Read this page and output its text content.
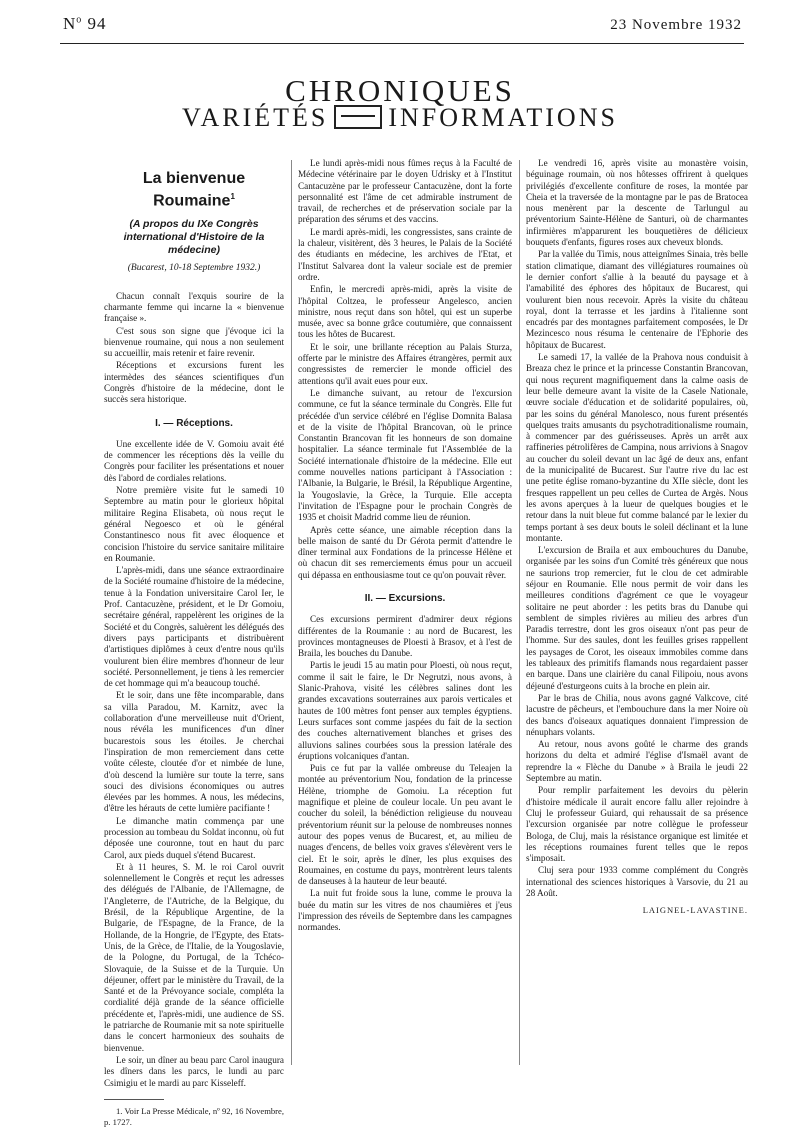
$N^o$ 94	23 Novembre 1932
CHRONIQUES
VARIÉTÉS INFORMATIONS
La bienvenue Roumaine$^1$
(A propos du IXe Congrès international d'Histoire de la médecine)
(Bucarest, 10-18 Septembre 1932.)

Chacun connaît l'exquis sourire de la charmante femme qui incarne la « bienvenue française ».

C'est sous son signe que j'évoque ici la bienvenue roumaine, qui nous a non seulement su accueillir, mais retenir et faire revenir.

Réceptions et excursions furent les intermèdes des séances scientifiques d'un Congrès d'histoire de la médecine, dont le succès sera historique.

I. — Réceptions.

Une excellente idée de V. Gomoiu avait été de commencer les réceptions dès la veille du Congrès pour faciliter les présentations et nouer dès l'abord de cordiales relations.

Notre première visite fut le samedi 10 Septembre au matin pour le glorieux hôpital militaire Regina Elisabeta, où nous reçut le général Negoesco et où le général Constantinesco nous fit avec éloquence et concision l'histoire du service sanitaire militaire en Roumanie.

L'après-midi, dans une séance extraordinaire de la Société roumaine d'histoire de la médecine, tenue à la Fondation universitaire Carol Ier, le Prof. Cantacuzène, président, et le Dr Gomoiu, secrétaire général, rappelèrent les origines de la Société et du Congrès, saluèrent les délégués des divers pays participants et distribuèrent d'artistiques diplômes à ceux d'entre nous qu'ils voulurent bien élire membres d'honneur de leur société. Personnellement, je tiens à les remercier de cet hommage qui m'a beaucoup touché.

Et le soir, dans une fête incomparable, dans sa villa Paradou, M. Karnitz, avec la collaboration d'une merveilleuse nuit d'Orient, nous révéla les munificences d'un dîner bucarestois sous les étoiles. Je cherchai l'inspiration de mon remerciement dans cette voûte céleste, cloutée d'or et nimbée de lune, d'où descend la lumière sur toute la terre, sans souci des divisions économiques ou autres élevées par les hommes. A nous, les médecins, d'être les hérauts de cette lumière pacifiante !

Le dimanche matin commença par une procession au tombeau du Soldat inconnu, où fut déposée une couronne, tout en haut du parc Carol, aux pieds duquel s'étend Bucarest.

Et à 11 heures, S. M. le roi Carol ouvrit solennellement le Congrès et reçut les adresses des délégués de l'Albanie, de l'Allemagne, de l'Angleterre, de l'Autriche, de la Belgique, du Brésil, de la République Argentine, de la Bulgarie, de l'Espagne, de la France, de la Hollande, de la Hongrie, de l'Egypte, des Etats-Unis, de la Grèce, de l'Italie, de la Yougoslavie, de la Pologne, du Portugal, de la Tchéco-Slovaquie, de la Suisse et de la Turquie. Un déjeuner, offert par le ministère du Travail, de la Santé et de la Prévoyance sociale, compléta la cordialité déjà grande de la séance officielle précédente et, l'après-midi, une audience de SS. le patriarche de Roumanie mit sa note spirituelle dans le concert harmonieux des souhaits de bienvenue.

Le soir, un dîner au beau parc Carol inaugura les dîners dans les parcs, le lundi au parc Csimigiu et le mardi au parc Kisseleff.

1. Voir La Presse Médicale, nº 92, 16 Novembre, p. 1727.

Le lundi après-midi nous fûmes reçus à la Faculté de Médecine vétérinaire par le doyen Udrisky et à l'Institut Cantacuzène par le professeur Cantacuzène, dont la forte personnalité est l'âme de cet admirable instrument de travail, de recherches et de préservation sociale par la préparation des sérums et des vaccins.

Le mardi après-midi, les congressistes, sans crainte de la chaleur, visitèrent, dès 3 heures, le Palais de la Société des étudiants en médecine, les archives de l'Etat, et l'Institut Salvarea dont la valeur sociale est de premier ordre.

Enfin, le mercredi après-midi, après la visite de l'hôpital Coltzea, le professeur Angelesco, ancien ministre, nous reçut dans son hôtel, qui est un superbe musée, avec sa bonne grâce coutumière, que connaissent tous les hôtes de Bucarest.

Et le soir, une brillante réception au Palais Sturza, offerte par le ministre des Affaires étrangères, permit aux congressistes de remercier le monde officiel des attentions qu'il avait eues pour eux.

Le dimanche suivant, au retour de l'excursion commune, ce fut la séance terminale du Congrès. Elle fut précédée d'un service célébré en l'église Domnita Balasa et de la visite de l'hôpital Brancovan, où le prince Constantin Brancovan fit les honneurs de son domaine hospitalier. La séance terminale fut l'Assemblée de la Société internationale d'histoire de la médecine. Elle eut comme nouvelles nations participant à l'Association : l'Albanie, la Bulgarie, le Brésil, la République Argentine, la Yougoslavie, la Grèce, la Turquie. Elle accepta l'invitation de l'Espagne pour le prochain Congrès de 1935 et choisit Madrid comme lieu de réunion.

Après cette séance, une aimable réception dans la belle maison de santé du Dr Gérota permit d'attendre le dîner terminal aux Fondations de la princesse Hélène et où chacun dit ses remerciements émus pour un accueil qui dépassa en enthousiasme tout ce qu'on pouvait rêver.

II. — Excursions.

Ces excursions permirent d'admirer deux régions différentes de la Roumanie : au nord de Bucarest, les provinces montagneuses de Ploesti à Brasov, et à l'est de Braila, les bouches du Danube.

Partis le jeudi 15 au matin pour Ploesti, où nous reçut, comme il sait le faire, le Dr Negrutzi, nous avons, à Slanic-Prahova, visité les célèbres salines dont les grandes excavations souterraines aux parois verticales et hautes de 100 mètres font penser aux temples égyptiens. Leurs surfaces sont comme jaspées du fait de la section des couches alternativement blanches et grises des alluvions salines courbées sous la pression latérale des éruptions volcaniques d'antan.

Puis ce fut par la vallée ombreuse du Teleajen la montée au préventorium Nou, fondation de la princesse Hélène, triomphe de Gomoiu. La réception fut magnifique et pleine de couleur locale. Un peu avant le coucher du soleil, la bénédiction religieuse du nouveau préventorium réunit sur la pelouse de nombreuses nonnes autour des popes venus de Bucarest, et, au milieu de nuages d'encens, de belles voix graves s'élevèrent vers le ciel. Et le soir, après le dîner, les plus exquises des Roumaines, en costume du pays, montrèrent leurs talents de danseuses à la hauteur de leur beauté.

La nuit fut froide sous la lune, comme le prouva la buée du matin sur les vitres de nos chaumières et j'eus l'impression des réveils de Septembre dans les campagnes normandes.

Le vendredi 16, après visite au monastère voisin, béguinage roumain, où nos hôtesses offrirent à quelques privilégiés d'excellente confiture de roses, la montée par Cheia et la traversée de la montagne par le pas de Bratocea nous menèrent par la descente de Tarlungul au préventorium Sainte-Hélène de Santuri, où de charmantes infirmières m'apparurent les bouquetières de délicieux bouquets d'enfants, figures roses aux cheveux blonds.

Par la vallée du Timis, nous atteignîmes Sinaia, très belle station climatique, diamant des villégiatures roumaines où le dernier confort s'allie à la beauté du paysage et à l'amabilité des éphores des hôpitaux de Bucarest, qui voulurent bien nous recevoir. Après la visite du château royal, dont la terrasse et les jardins à l'italienne sont encadrés par des montagnes parfaitement composées, le Dr Mezincesco nous résuma le centenaire de l'Ephorie des hôpitaux de Bucarest.

Le samedi 17, la vallée de la Prahova nous conduisit à Breaza chez le prince et la princesse Constantin Brancovan, qui nous reçurent magnifiquement dans la calme oasis de leur belle demeure avant la visite de la Casele Nationale, œuvre sociale d'éducation et de solidarité populaires, où, par les soins du général Manolesco, nous furent présentés quelques traits amusants du psychotraditionalisme roumain, à commencer par des guérisseuses. Après un arrêt aux raffineries pétrolifères de Campina, nous arrivions à Snagov au coucher du soleil devant un lac âgé de deux ans, enfant de la municipalité de Bucarest. Sur l'autre rive du lac est une petite église romano-byzantine du XIIe siècle, dont les fresques rappellent un peu celles de Curtea de Argès. Nous les avons aperçues à la lueur de quelques bougies et le retour dans la nuit bleue fut comme balancé par le lexier du temps portant à ses deux bouts le soleil déclinant et la lune montante.

L'excursion de Braila et aux embouchures du Danube, organisée par les soins d'un Comité très généreux que nous ne saurions trop remercier, fut le clou de cet admirable séjour en Roumanie. Elle nous permit de voir dans les meilleures conditions d'agrément ce que le voyageur solitaire ne peut aborder : les petits bras du Danube qui semblent de simples rivières au milieu des arbres d'un Paradis terrestre, dont les gros oiseaux n'ont pas peur de l'homme. Sur des saules, dont les feuilles grises rappellent les paysages de Corot, les oiseaux immobiles comme dans les tableaux des primitifs flamands nous regardaient passer en barque. Dans une clairière du canal Filipoiu, nous avons déjeuné d'esturgeons cuits à la broche en plein air.

Par le bras de Chilia, nous avons gagné Valkcove, cité lacustre de pêcheurs, et l'embouchure dans la mer Noire où des bancs d'oiseaux aquatiques donnaient l'impression de nénuphars volants.

Au retour, nous avons goûté le charme des grands horizons du delta et admiré l'église d'Ismaël avant de reprendre la « Flèche du Danube » à Braila le jeudi 22 Septembre au matin.

Pour remplir parfaitement les devoirs du pèlerin d'histoire médicale il aurait encore fallu aller rejoindre à Cluj le professeur Guiard, qui rehaussait de sa présence l'excursion organisée par notre collègue le professeur Bologa, de Cluj, mais la résistance organique est limitée et les réceptions roumaines furent telles que le repos s'imposait.

Cluj sera pour 1933 comme complément du Congrès international des sciences historiques à Varsovie, du 21 au 28 Août.

LAIGNEL-LAVASTINE.
